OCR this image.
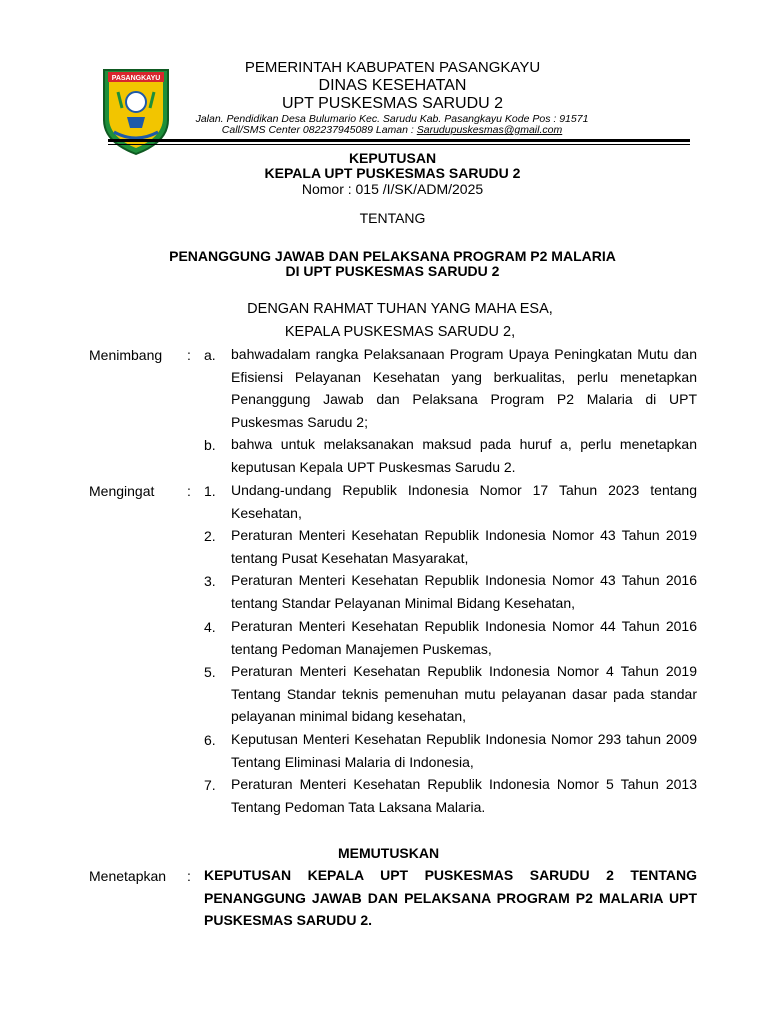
PASANGKAYU
PEMERINTAH KABUPATEN PASANGKAYU
DINAS KESEHATAN
UPT PUSKESMAS SARUDU 2
Jalan. Pendidikan Desa Bulumario Kec. Sarudu Kab. Pasangkayu Kode Pos : 91571
Call/SMS Center 082237945089 Laman : Sarudupuskesmas@gmail.com
KEPUTUSAN
KEPALA UPT PUSKESMAS SARUDU 2
Nomor : 015 /I/SK/ADM/2025
TENTANG
PENANGGUNG JAWAB DAN PELAKSANA PROGRAM P2 MALARIA
DI UPT PUSKESMAS SARUDU 2
DENGAN RAHMAT TUHAN YANG MAHA ESA,
KEPALA PUSKESMAS SARUDU 2,
Menimbang : a. bahwadalam rangka Pelaksanaan Program Upaya Peningkatan Mutu dan Efisiensi Pelayanan Kesehatan yang berkualitas, perlu menetapkan Penanggung Jawab dan Pelaksana Program P2 Malaria di UPT Puskesmas Sarudu 2;
b. bahwa untuk melaksanakan maksud pada huruf a, perlu menetapkan keputusan Kepala UPT Puskesmas Sarudu 2.
Mengingat : 1. Undang-undang Republik Indonesia Nomor 17 Tahun 2023 tentang Kesehatan,
2. Peraturan Menteri Kesehatan Republik Indonesia Nomor 43 Tahun 2019 tentang Pusat Kesehatan Masyarakat,
3. Peraturan Menteri Kesehatan Republik Indonesia Nomor 43 Tahun 2016 tentang Standar Pelayanan Minimal Bidang Kesehatan,
4. Peraturan Menteri Kesehatan Republik Indonesia Nomor 44 Tahun 2016 tentang Pedoman Manajemen Puskemas,
5. Peraturan Menteri Kesehatan Republik Indonesia Nomor 4 Tahun 2019 Tentang Standar teknis pemenuhan mutu pelayanan dasar pada standar pelayanan minimal bidang kesehatan,
6. Keputusan Menteri Kesehatan Republik Indonesia Nomor 293 tahun 2009 Tentang Eliminasi Malaria di Indonesia,
7. Peraturan Menteri Kesehatan Republik Indonesia Nomor 5 Tahun 2013 Tentang Pedoman Tata Laksana Malaria.
MEMUTUSKAN
Menetapkan : KEPUTUSAN KEPALA UPT PUSKESMAS SARUDU 2 TENTANG PENANGGUNG JAWAB DAN PELAKSANA PROGRAM P2 MALARIA UPT PUSKESMAS SARUDU 2.
